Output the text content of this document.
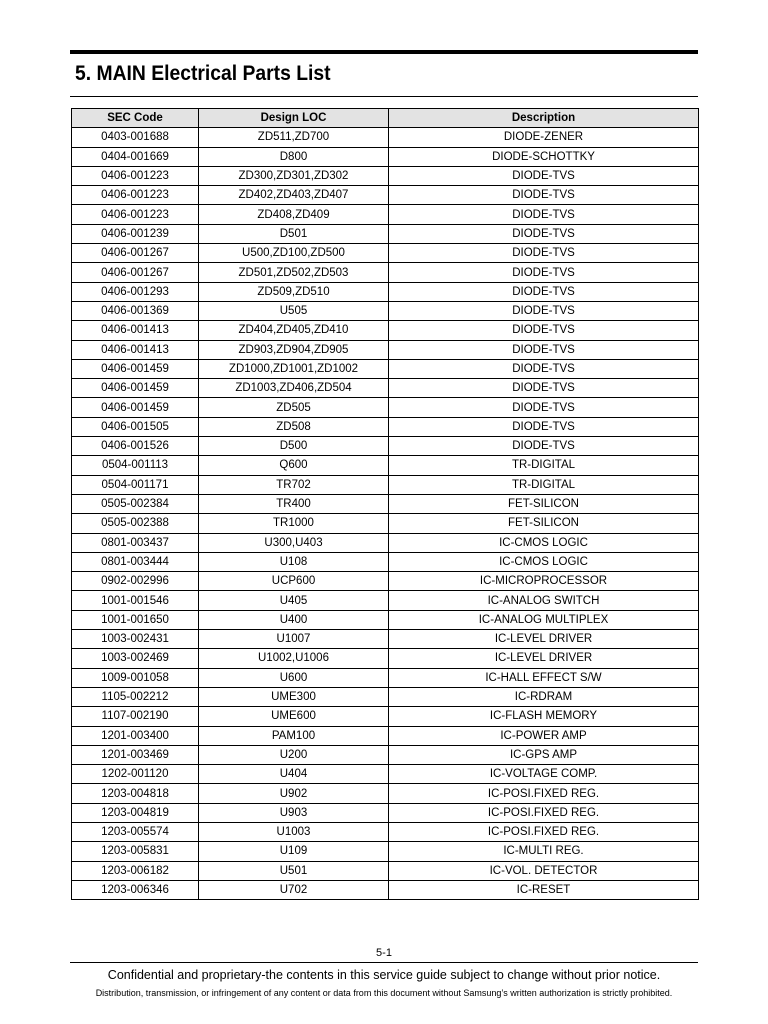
5. MAIN Electrical Parts List
SEC Code	Design LOC	Description
0403-001688	ZD511,ZD700	DIODE-ZENER
0404-001669	D800	DIODE-SCHOTTKY
0406-001223	ZD300,ZD301,ZD302	DIODE-TVS
0406-001223	ZD402,ZD403,ZD407	DIODE-TVS
0406-001223	ZD408,ZD409	DIODE-TVS
0406-001239	D501	DIODE-TVS
0406-001267	U500,ZD100,ZD500	DIODE-TVS
0406-001267	ZD501,ZD502,ZD503	DIODE-TVS
0406-001293	ZD509,ZD510	DIODE-TVS
0406-001369	U505	DIODE-TVS
0406-001413	ZD404,ZD405,ZD410	DIODE-TVS
0406-001413	ZD903,ZD904,ZD905	DIODE-TVS
0406-001459	ZD1000,ZD1001,ZD1002	DIODE-TVS
0406-001459	ZD1003,ZD406,ZD504	DIODE-TVS
0406-001459	ZD505	DIODE-TVS
0406-001505	ZD508	DIODE-TVS
0406-001526	D500	DIODE-TVS
0504-001113	Q600	TR-DIGITAL
0504-001171	TR702	TR-DIGITAL
0505-002384	TR400	FET-SILICON
0505-002388	TR1000	FET-SILICON
0801-003437	U300,U403	IC-CMOS LOGIC
0801-003444	U108	IC-CMOS LOGIC
0902-002996	UCP600	IC-MICROPROCESSOR
1001-001546	U405	IC-ANALOG SWITCH
1001-001650	U400	IC-ANALOG MULTIPLEX
1003-002431	U1007	IC-LEVEL DRIVER
1003-002469	U1002,U1006	IC-LEVEL DRIVER
1009-001058	U600	IC-HALL EFFECT S/W
1105-002212	UME300	IC-RDRAM
1107-002190	UME600	IC-FLASH MEMORY
1201-003400	PAM100	IC-POWER AMP
1201-003469	U200	IC-GPS AMP
1202-001120	U404	IC-VOLTAGE COMP.
1203-004818	U902	IC-POSI.FIXED REG.
1203-004819	U903	IC-POSI.FIXED REG.
1203-005574	U1003	IC-POSI.FIXED REG.
1203-005831	U109	IC-MULTI REG.
1203-006182	U501	IC-VOL. DETECTOR
1203-006346	U702	IC-RESET
5-1
Confidential and proprietary-the contents in this service guide subject to change without prior notice.
Distribution, transmission, or infringement of any content or data from this document without Samsung’s written authorization is strictly prohibited.
